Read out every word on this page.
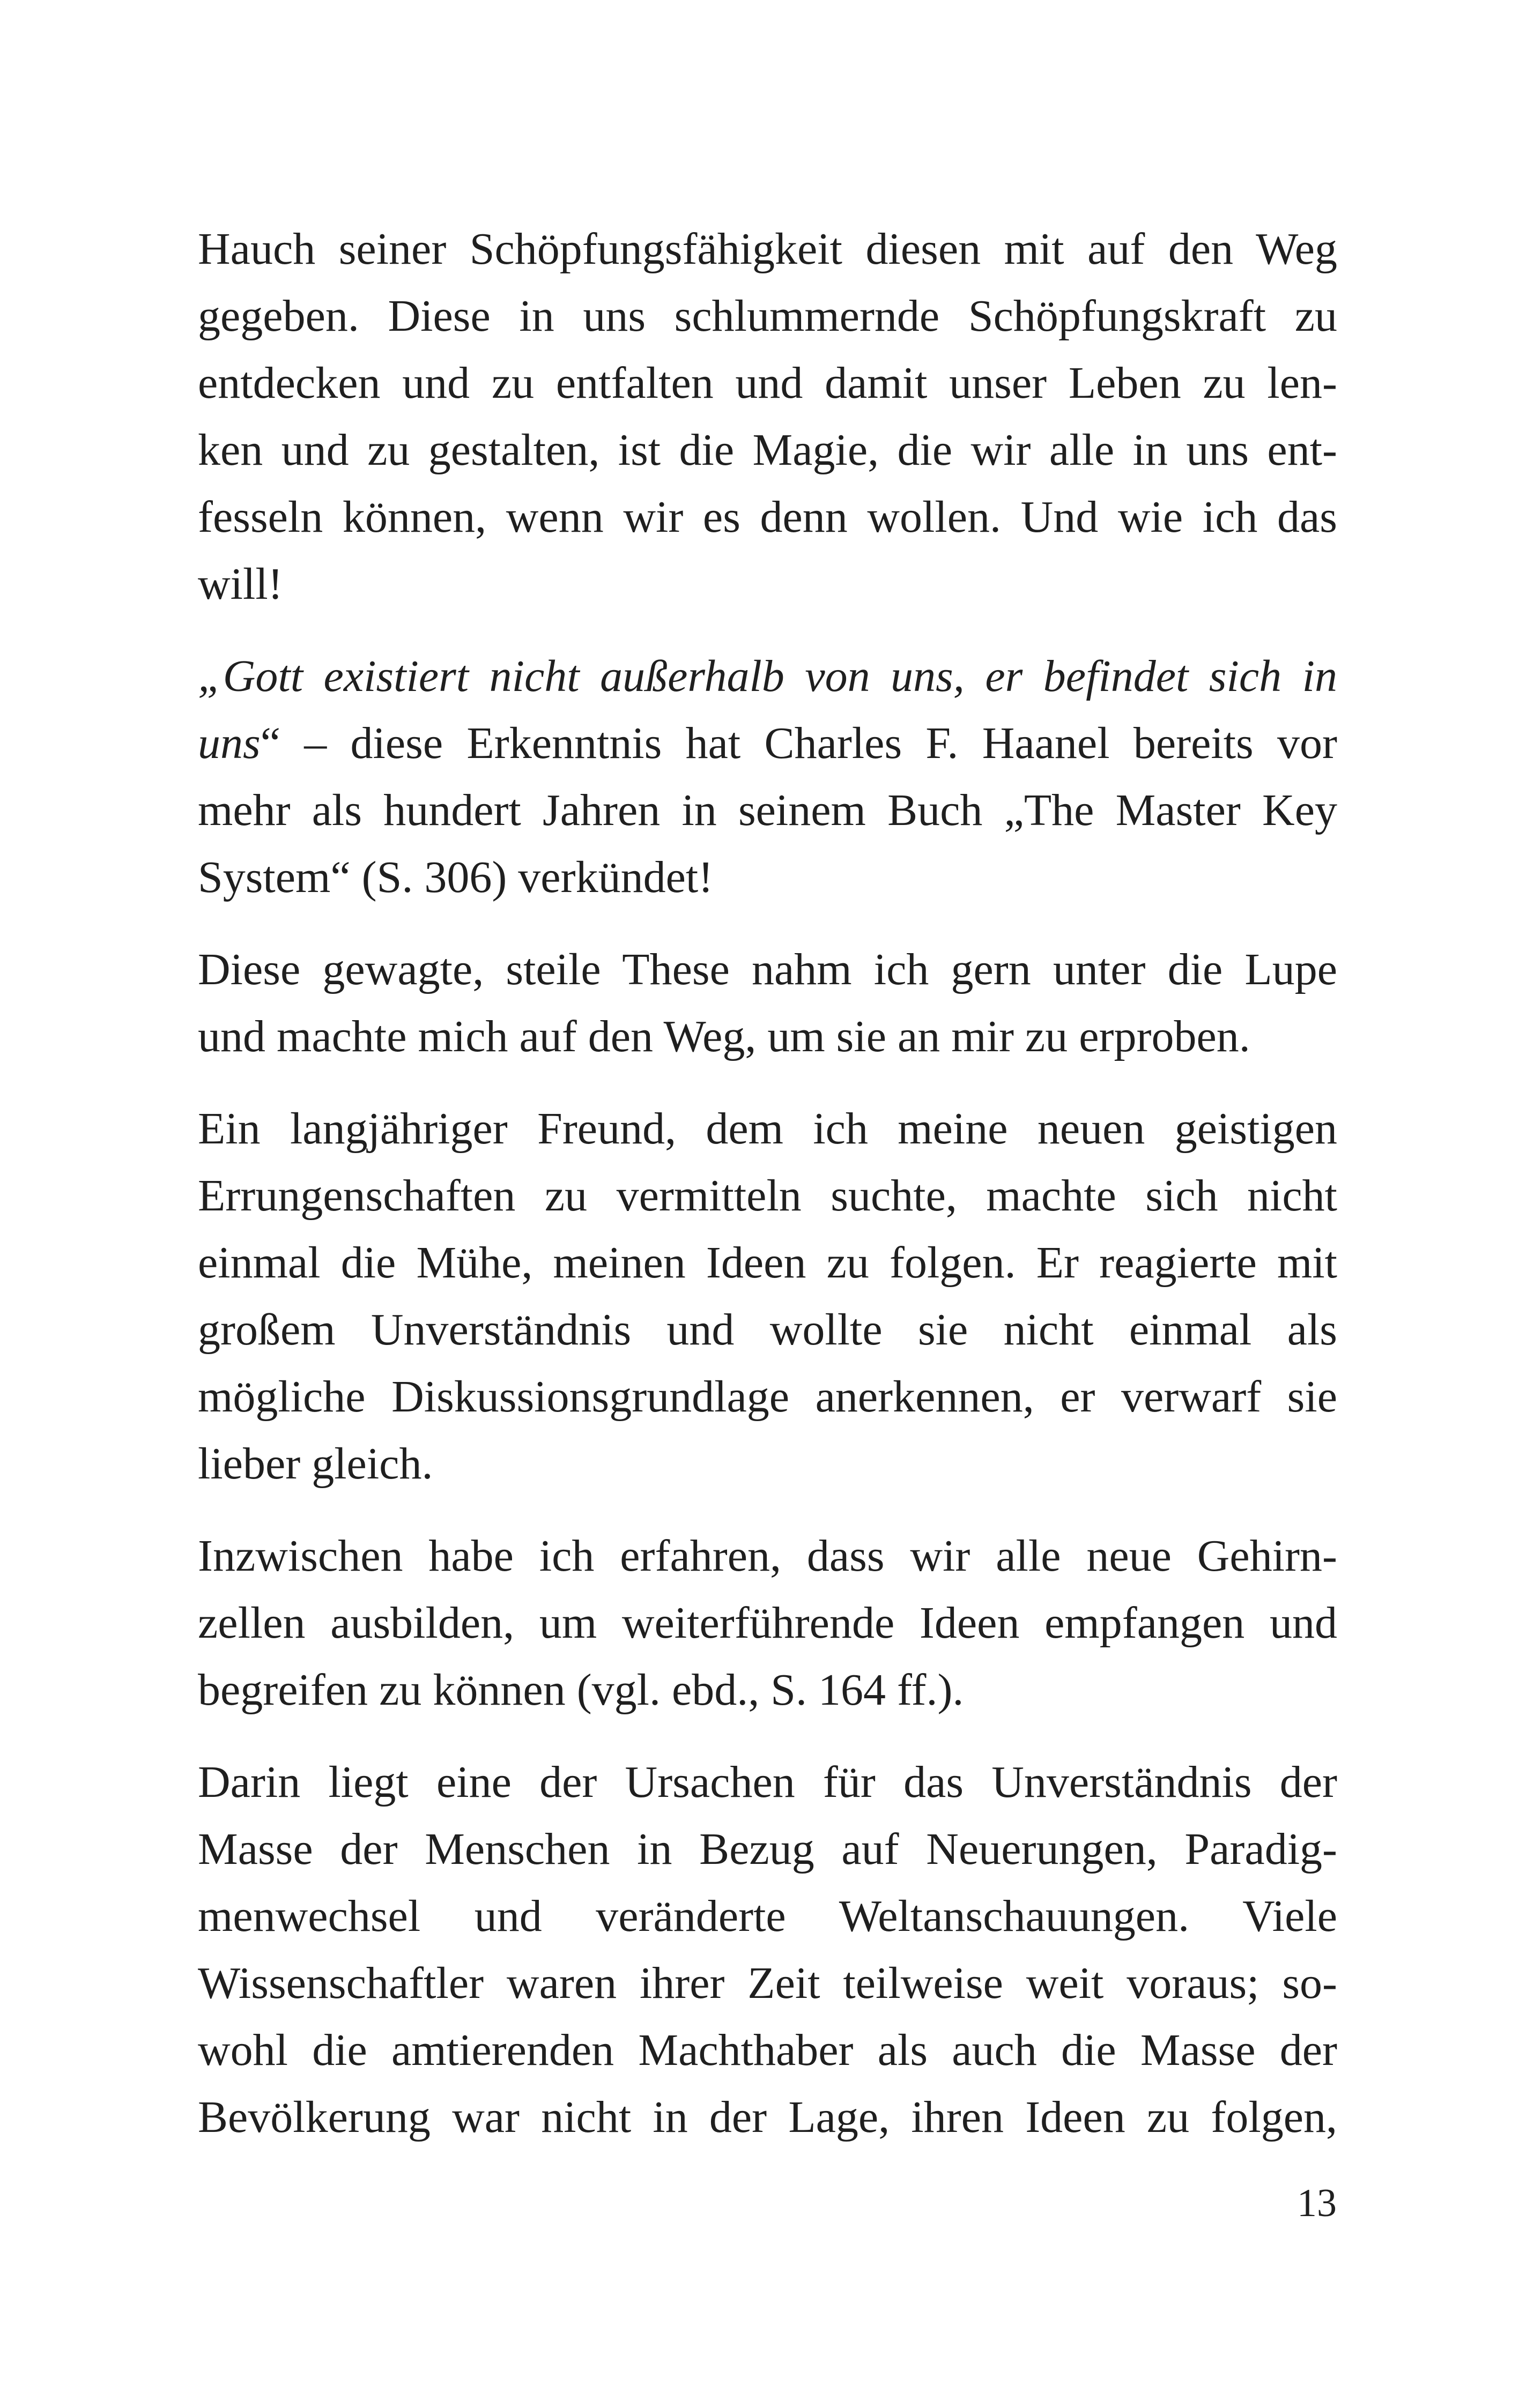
Hauch seiner Schöpfungsfähigkeit diesen mit auf den Weg
gegeben. Diese in uns schlummernde Schöpfungskraft zu
entdecken und zu entfalten und damit unser Leben zu len-
ken und zu gestalten, ist die Magie, die wir alle in uns ent-
fesseln können, wenn wir es denn wollen. Und wie ich das
will!
„Gott existiert nicht außerhalb von uns, er befindet sich in
uns“ – diese Erkenntnis hat Charles F. Haanel bereits vor
mehr als hundert Jahren in seinem Buch „The Master Key
System“ (S. 306) verkündet!
Diese gewagte, steile These nahm ich gern unter die Lupe
und machte mich auf den Weg, um sie an mir zu erproben.
Ein langjähriger Freund, dem ich meine neuen geistigen
Errungenschaften zu vermitteln suchte, machte sich nicht
einmal die Mühe, meinen Ideen zu folgen. Er reagierte mit
großem Unverständnis und wollte sie nicht einmal als
mögliche Diskussionsgrundlage anerkennen, er verwarf sie
lieber gleich.
Inzwischen habe ich erfahren, dass wir alle neue Gehirn-
zellen ausbilden, um weiterführende Ideen empfangen und
begreifen zu können (vgl. ebd., S. 164 ff.).
Darin liegt eine der Ursachen für das Unverständnis der
Masse der Menschen in Bezug auf Neuerungen, Paradig-
menwechsel und veränderte Weltanschauungen. Viele
Wissenschaftler waren ihrer Zeit teilweise weit voraus; so-
wohl die amtierenden Machthaber als auch die Masse der
Bevölkerung war nicht in der Lage, ihren Ideen zu folgen,
13
